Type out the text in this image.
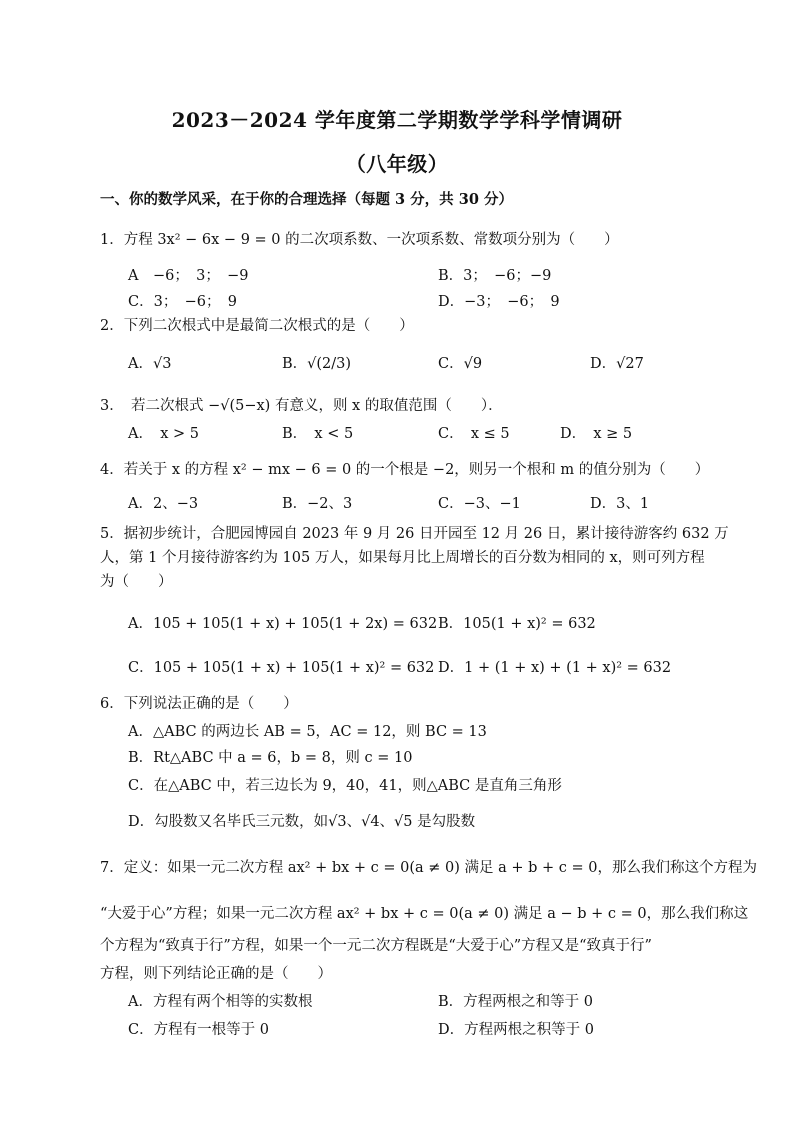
2023－2024 学年度第二学期数学学科学情调研
（八年级）
一、你的数学风采，在于你的合理选择（每题 3 分，共 30 分）
1．方程 3x² − 6x − 9 = 0 的二次项系数、一次项系数、常数项分别为（　　）
A　−6；　3；　−9	B．3；　−6；−9
C．3；　−6；　9	D．−3；　−6；　9
2．下列二次根式中是最简二次根式的是（　　）
A．√3	B．√(2/3)	C．√9	D．√27
3．　若二次根式 −√(5−x) 有意义，则 x 的取值范围（　　）．
A．　x > 5	B．　x < 5	C．　x ≤ 5	D．　x ≥ 5
4．若关于 x 的方程 x² − mx − 6 = 0 的一个根是 −2，则另一个根和 m 的值分别为（　　）
A．2、−3	B．−2、3	C．−3、−1	D．3、1
5．据初步统计，合肥园博园自 2023 年 9 月 26 日开园至 12 月 26 日，累计接待游客约 632 万
人，第 1 个月接待游客约为 105 万人，如果每月比上周增长的百分数为相同的 x，则可列方程
为（　　）
A．105 + 105(1 + x) + 105(1 + 2x) = 632 B．105(1 + x)² = 632
C．105 + 105(1 + x) + 105(1 + x)² = 632 D．1 + (1 + x) + (1 + x)² = 632
6．下列说法正确的是（　　）
A．△ABC 的两边长 AB = 5，AC = 12，则 BC = 13
B．Rt△ABC 中 a = 6，b = 8，则 c = 10
C．在△ABC 中，若三边长为 9，40，41，则△ABC 是直角三角形
D．勾股数又名毕氏三元数，如√3、√4、√5 是勾股数
7．定义：如果一元二次方程 ax² + bx + c = 0(a ≠ 0) 满足 a + b + c = 0，那么我们称这个方程为
“大爱于心”方程；如果一元二次方程 ax² + bx + c = 0(a ≠ 0) 满足 a − b + c = 0，那么我们称这
个方程为“致真于行”方程，如果一个一元二次方程既是“大爱于心”方程又是“致真于行”
方程，则下列结论正确的是（　　）
A．方程有两个相等的实数根	B．方程两根之和等于 0
C．方程有一根等于 0	D．方程两根之积等于 0
